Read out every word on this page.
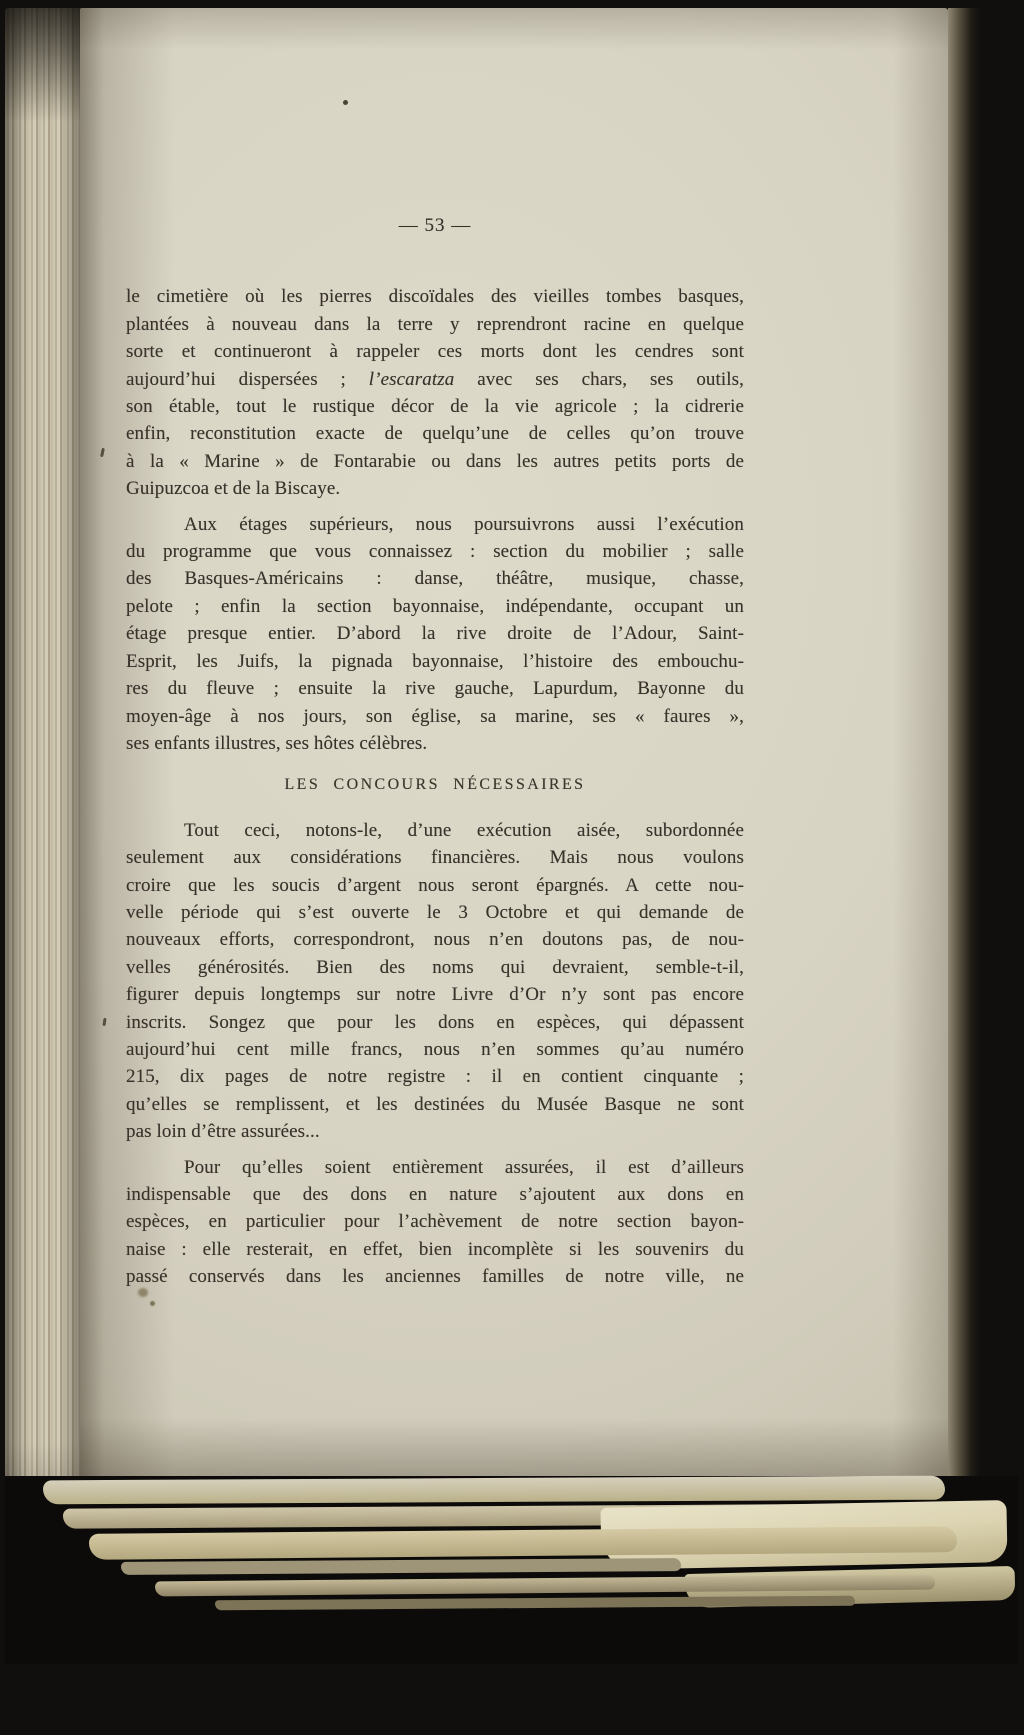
— 53 —
le cimetière où les pierres discoïdales des vieilles tombes basques,
plantées à nouveau dans la terre y reprendront racine en quelque
sorte et continueront à rappeler ces morts dont les cendres sont
aujourd’hui dispersées ; l’escaratza avec ses chars, ses outils,
son étable, tout le rustique décor de la vie agricole ; la cidrerie
enfin, reconstitution exacte de quelqu’une de celles qu’on trouve
à la « Marine » de Fontarabie ou dans les autres petits ports de
Guipuzcoa et de la Biscaye.
Aux étages supérieurs, nous poursuivrons aussi l’exécution
du programme que vous connaissez : section du mobilier ; salle
des Basques-Américains : danse, théâtre, musique, chasse,
pelote ; enfin la section bayonnaise, indépendante, occupant un
étage presque entier. D’abord la rive droite de l’Adour, Saint-
Esprit, les Juifs, la pignada bayonnaise, l’histoire des embouchu-
res du fleuve ; ensuite la rive gauche, Lapurdum, Bayonne du
moyen-âge à nos jours, son église, sa marine, ses « faures »,
ses enfants illustres, ses hôtes célèbres.
LES CONCOURS NÉCESSAIRES
Tout ceci, notons-le, d’une exécution aisée, subordonnée
seulement aux considérations financières. Mais nous voulons
croire que les soucis d’argent nous seront épargnés. A cette nou-
velle période qui s’est ouverte le 3 Octobre et qui demande de
nouveaux efforts, correspondront, nous n’en doutons pas, de nou-
velles générosités. Bien des noms qui devraient, semble-t-il,
figurer depuis longtemps sur notre Livre d’Or n’y sont pas encore
inscrits. Songez que pour les dons en espèces, qui dépassent
aujourd’hui cent mille francs, nous n’en sommes qu’au numéro
215, dix pages de notre registre : il en contient cinquante ;
qu’elles se remplissent, et les destinées du Musée Basque ne sont
pas loin d’être assurées...
Pour qu’elles soient entièrement assurées, il est d’ailleurs
indispensable que des dons en nature s’ajoutent aux dons en
espèces, en particulier pour l’achèvement de notre section bayon-
naise : elle resterait, en effet, bien incomplète si les souvenirs du
passé conservés dans les anciennes familles de notre ville, ne
